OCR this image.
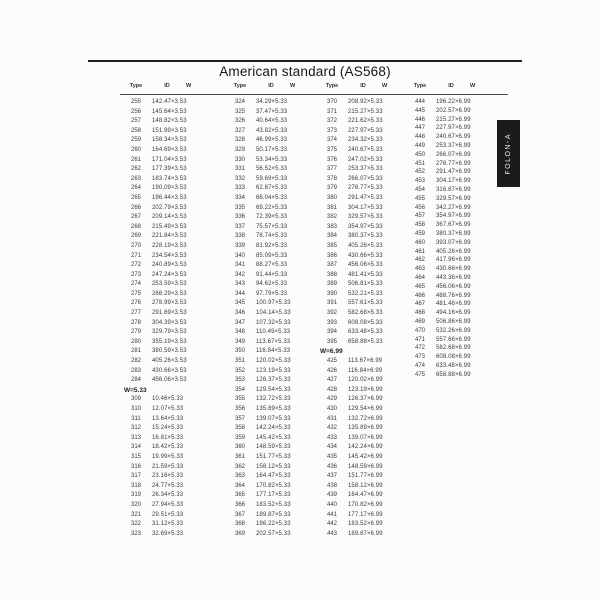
American standard (AS568)
Type	ID	W
255	142.47×3.53
256	145.64×3.53
257	148.82×3.53
258	151.99×3.53
259	158.34×3.53
260	164.69×3.53
261	171.04×3.53
262	177.39×3.53
263	183.74×3.53
264	190.09×3.53
265	196.44×3.53
266	202.79×3.53
267	209.14×3.53
268	215.49×3.53
269	221.84×3.53
270	228.19×3.53
271	234.54×3.53
272	240.89×3.53
273	247.24×3.53
274	253.59×3.53
275	266.29×3.53
276	278.99×3.53
277	291.69×3.53
278	304.39×3.53
279	329.79×3.53
280	355.19×3.53
281	380.59×3.53
282	405.26×3.53
283	430.66×3.53
284	456.06×3.53
W=5.33
309	10.46×5.33
310	12.07×5.33
311	13.64×5.33
312	15.24×5.33
313	16.81×5.33
314	18.42×5.33
315	19.99×5.33
316	21.59×5.33
317	23.16×5.33
318	24.77×5.33
319	26.34×5.33
320	27.94×5.33
321	29.51×5.33
322	31.12×5.33
323	32.69×5.33
Type	ID	W
324	34.29×5.33
325	37.47×5.33
326	40.64×5.33
327	43.82×5.33
328	46.99×5.33
329	50.17×5.33
330	53.34×5.33
331	56.52×5.33
332	59.69×5.33
333	62.87×5.33
334	66.04×5.33
335	69.22×5.33
336	72.39×5.33
337	75.57×5.33
338	78.74×5.33
339	81.92×5.33
340	85.09×5.33
341	88.27×5.33
342	91.44×5.33
343	94.62×5.33
344	97.79×5.33
345	100.97×5.33
346	104.14×5.33
347	107.32×5.33
348	110.49×5.33
349	113.67×5.33
350	116.84×5.33
351	120.02×5.33
352	123.19×5.33
353	126.37×5.33
354	129.54×5.33
355	132.72×5.33
356	135.89×5.33
357	139.07×5.33
358	142.24×5.33
359	145.42×5.33
360	148.59×5.33
361	151.77×5.33
362	158.12×5.33
363	164.47×5.33
364	170.82×5.33
365	177.17×5.33
366	183.52×5.33
367	189.87×5.33
368	196.22×5.33
369	202.57×5.33
Type	ID	W
370	208.92×5.33
371	215.27×5.33
372	221.62×5.33
373	227.97×5.33
374	234.32×5.33
375	240.67×5.33
376	247.02×5.33
377	253.37×5.33
378	266.07×5.33
379	278.77×5.33
380	291.47×5.33
381	304.17×5.33
382	329.57×5.33
383	354.97×5.33
384	380.37×5.33
385	405.26×5.33
386	430.66×5.33
387	456.06×5.33
388	481.41×5.33
389	506.81×5.33
390	532.21×5.33
391	557.61×5.33
392	582.68×5.33
393	608.08×5.33
394	633.48×5.33
395	658.88×5.33
W=6.99
425	113.67×6.99
426	116.84×6.99
427	120.02×6.99
428	123.19×6.99
429	126.37×6.99
430	129.54×6.99
431	132.72×6.99
432	135.89×6.99
433	139.07×6.99
434	142.24×6.99
435	145.42×6.99
436	148.59×6.99
437	151.77×6.99
438	158.12×6.99
439	164.47×6.99
440	170.82×6.99
441	177.17×6.99
442	183.52×6.99
443	189.87×6.99
Type	ID	W
444	196.22×6.99
445	202.57×6.99
446	215.27×6.99
447	227.97×6.99
448	240.67×6.99
449	253.37×6.99
450	266.07×6.99
451	278.77×6.99
452	291.47×6.99
453	304.17×6.99
454	316.87×6.99
455	329.57×6.99
456	342.27×6.99
457	354.97×6.99
458	367.67×6.99
459	380.37×6.99
460	393.07×6.99
461	405.26×6.99
462	417.96×6.99
463	430.66×6.99
464	443.36×6.99
465	456.06×6.99
466	468.76×6.99
467	481.46×6.99
468	494.16×6.99
469	506.86×6.99
470	532.26×6.99
471	557.66×6.99
472	582.68×6.99
473	608.08×6.99
474	633.48×6.99
475	658.88×6.99
FOLON-A
